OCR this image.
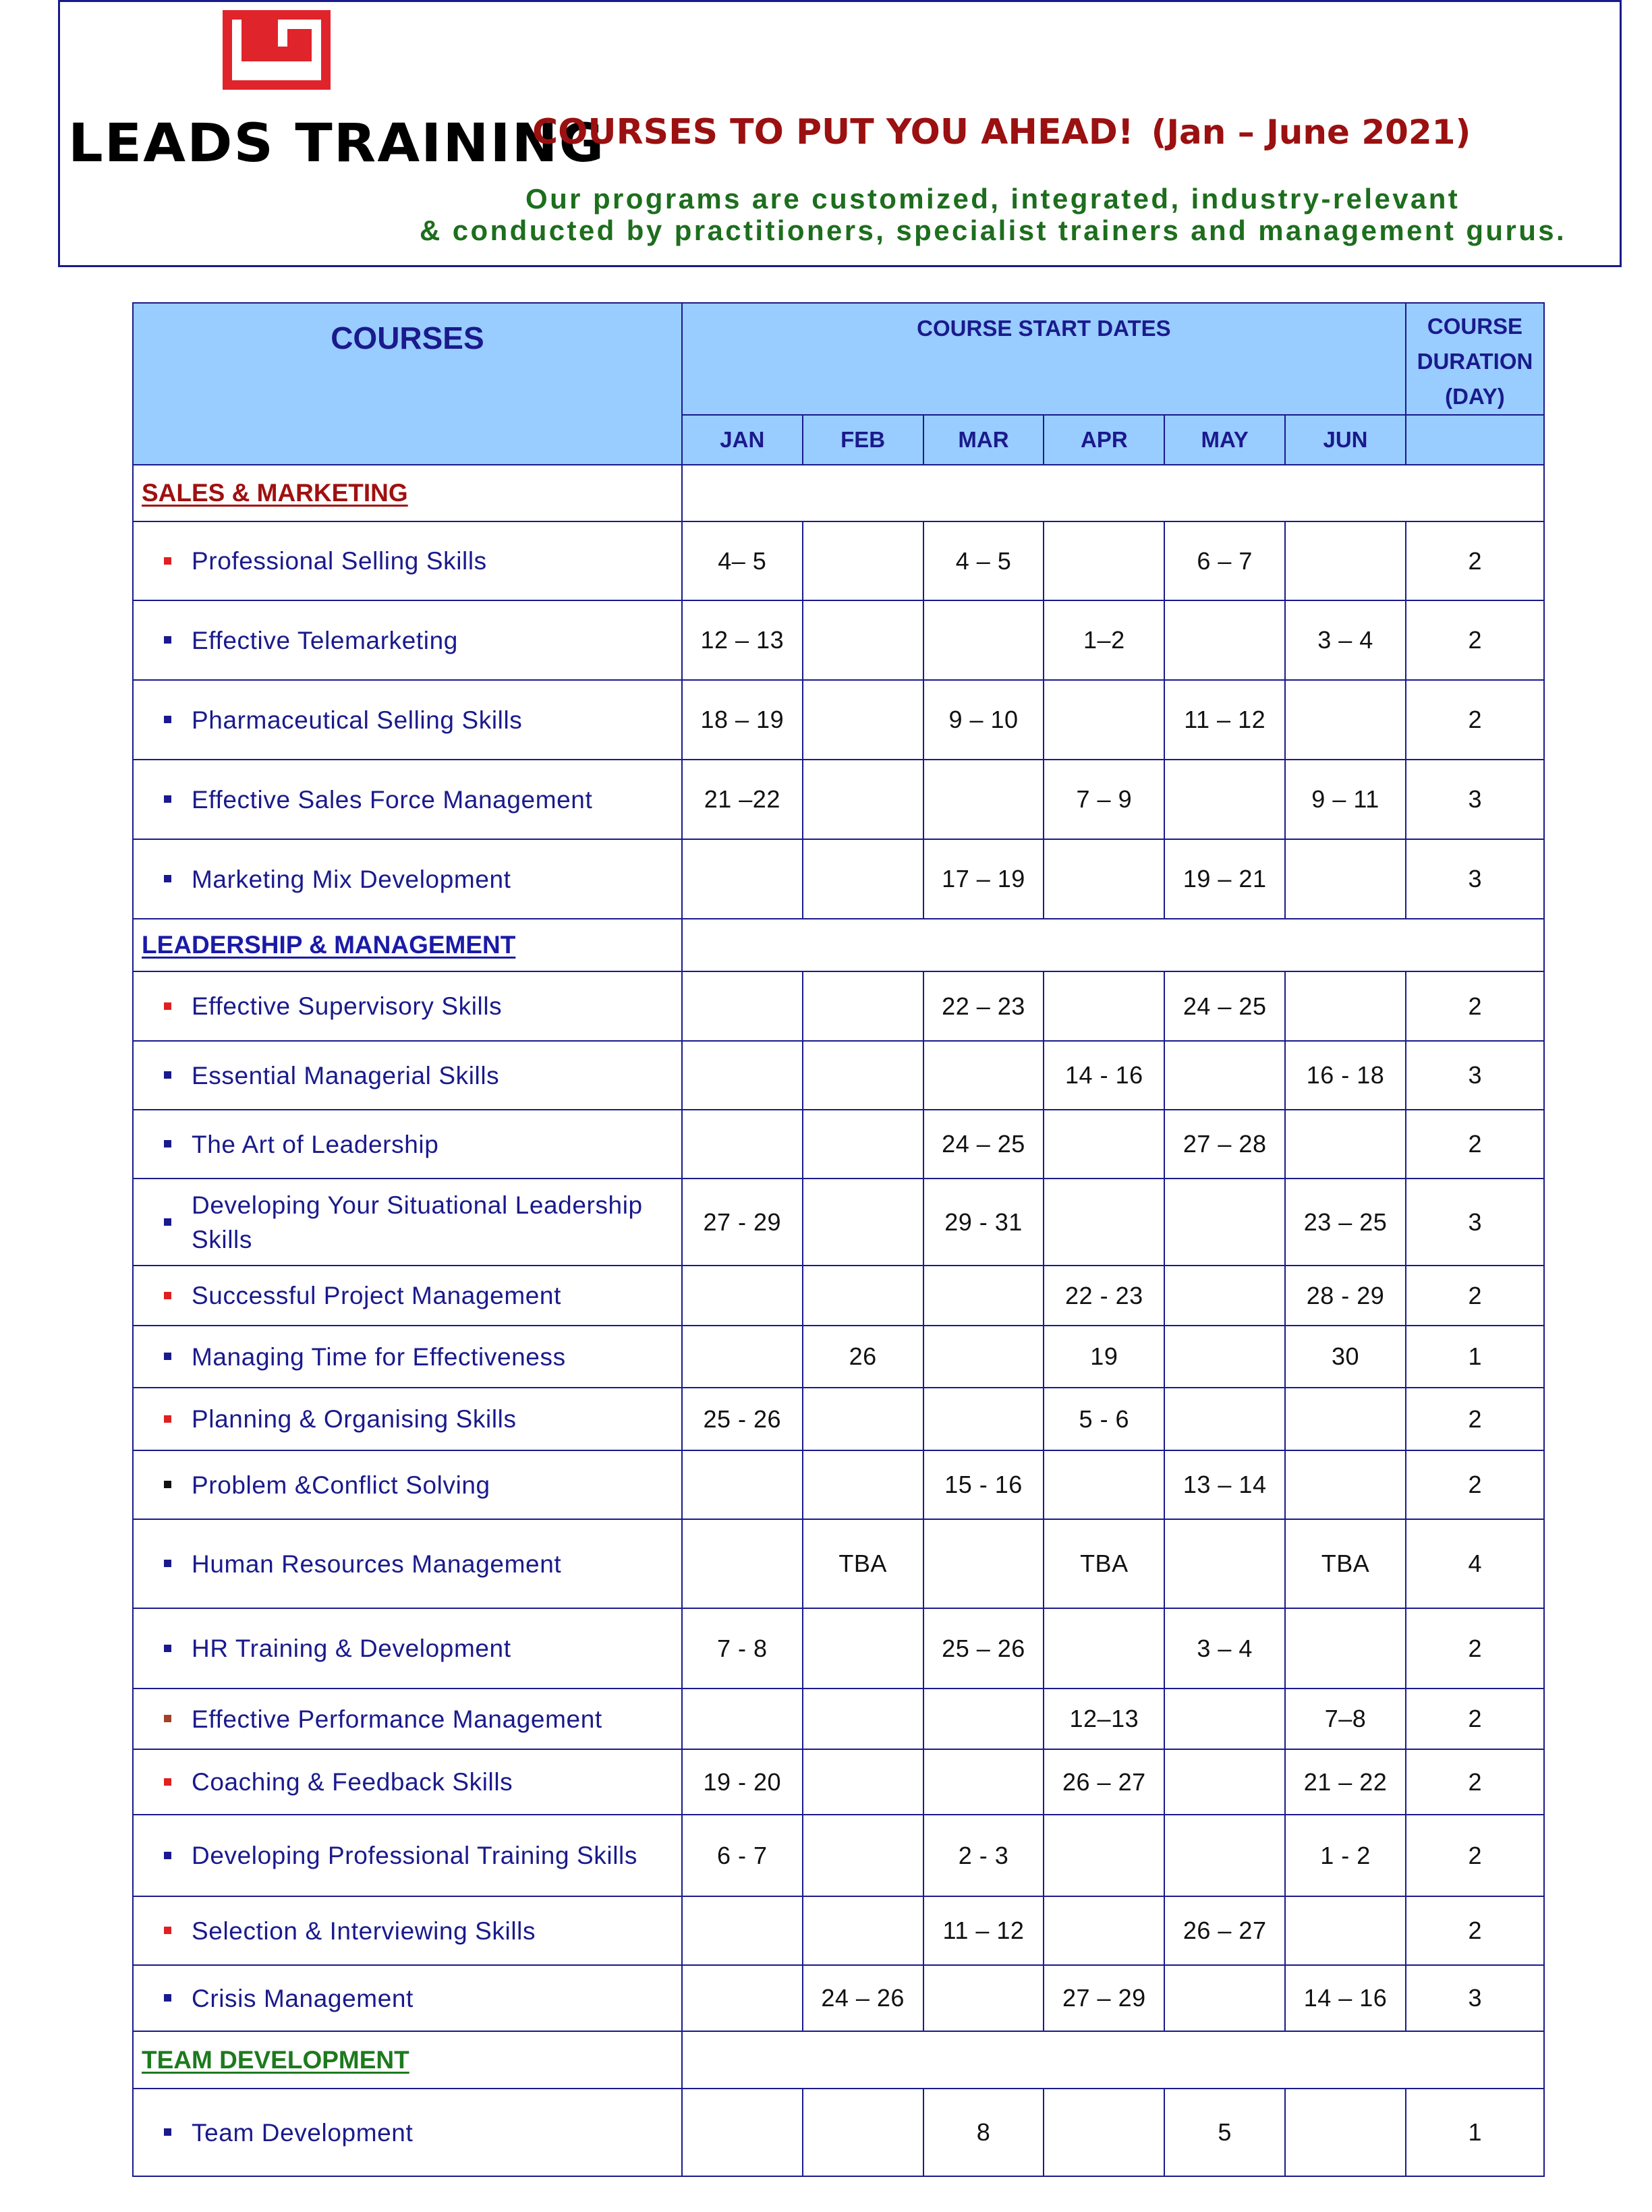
LEADS TRAINING
COURSES TO PUT YOU AHEAD! (Jan – June 2021)
Our programs are customized, integrated, industry-relevant
& conducted by practitioners, specialist trainers and management gurus.
COURSES	COURSE START DATES						COURSE
DURATION
(DAY)

	JAN	FEB	MAR	APR	MAY	JUN	
SALES & MARKETING							

Professional Selling Skills	4– 5		4 – 5		6 – 7		2

Effective Telemarketing	12 – 13			1–2		3 – 4	2

Pharmaceutical Selling Skills	18 – 19		9 – 10		11 – 12		2

Effective Sales Force Management	21 –22			7 – 9		9 – 11	3

Marketing Mix Development			17 – 19		19 – 21		3
LEADERSHIP & MANAGEMENT							

Effective Supervisory Skills			22 – 23		24 – 25		2

Essential Managerial Skills				14 - 16		16 - 18	3

The Art of Leadership			24 – 25		27 – 28		2

Developing Your Situational Leadership Skills	27 - 29		29 - 31			23 – 25	3

Successful Project Management				22 - 23		28 - 29	2

Managing Time for Effectiveness		26		19		30	1

Planning & Organising Skills	25 - 26			5 - 6			2

Problem &Conflict Solving			15 - 16		13 – 14		2

Human Resources Management		TBA		TBA		TBA	4

HR Training & Development	7 - 8		25 – 26		3 – 4		2

Effective Performance Management				12–13		7–8	2

Coaching & Feedback Skills	19 - 20			26 – 27		21 – 22	2

Developing Professional Training Skills	6 - 7		2 - 3			1 - 2	2

Selection & Interviewing Skills			11 – 12		26 – 27		2

Crisis Management		24 – 26		27 – 29		14 – 16	3
TEAM DEVELOPMENT							

Team Development			8		5		1
